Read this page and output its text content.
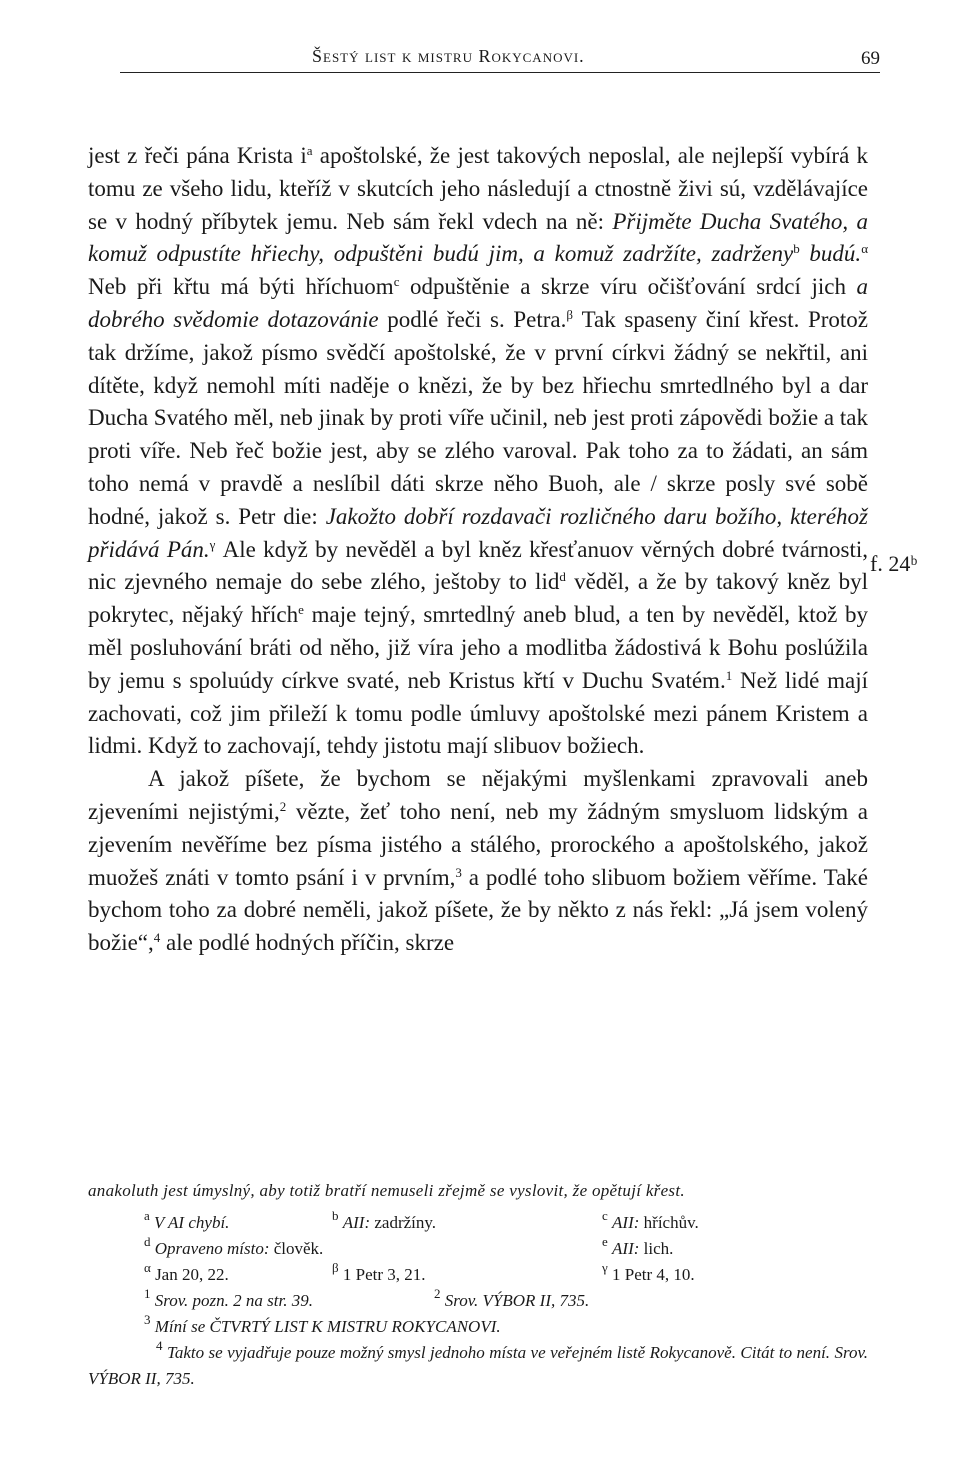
Šestý list k mistru Rokycanovi.	69
f. 24ᵇ

jest z řeči pána Krista $i^a$ apoštolské, že jest takových neposlal, ale nejlepší vybírá k tomu ze všeho lidu, kteříž v skutcích jeho následují a ctnostně živi sú, vzdělávajíce se v hodný příbytek jemu. Neb sám řekl vdech na ně: Přijměte Ducha Svatého, a komuž odpustíte hřiechy, odpuštěni budú jim, a komuž zadržíte, zadrženy$^b$ budú.$^\alpha$ Neb při křtu má býti hříchuom$^c$ odpuštěnie a skrze víru očišťování srdcí jich a dobrého svědomie dotazovánie podlé řeči s. Petra.$^\beta$ Tak spaseny činí křest. Protož tak držíme, jakož písmo svědčí apoštolské, že v první církvi žádný se nekřtil, ani dítěte, když nemohl míti naděje o knězi, že by bez hřiechu smrtedlného byl a dar Ducha Svatého měl, neb jinak by proti víře učinil, neb jest proti zápovědi božie a tak proti víře. Neb řeč božie jest, aby se zlého varoval. Pak toho za to žádati, an sám toho nemá v pravdě a neslíbil dáti skrze něho Buoh, ale / skrze posly své sobě hodné, jakož s. Petr die: Jakožto dobří rozdavači rozličného daru božího, kteréhož přidává Pán.$^\gamma$ Ale když by nevěděl a byl kněz křesťanuov věrných dobré tvárnosti, nic zjevného nemaje do sebe zlého, ještoby to lid$^d$ věděl, a že by takový kněz byl pokrytec, nějaký hřích$^e$ maje tejný, smrtedlný aneb blud, a ten by nevěděl, ktož by měl posluhování bráti od něho, již víra jeho a modlitba žádostivá k Bohu poslúžila by jemu s spoluúdy církve svaté, neb Kristus křtí v Duchu Svatém.$^1$ Než lidé mají zachovati, což jim přileží k tomu podle úmluvy apoštolské mezi pánem Kristem a lidmi. Když to zachovají, tehdy jistotu mají slibuov božiech.

A jakož píšete, že bychom se nějakými myšlenkami zpravovali aneb zjeveními nejistými,$^2$ vězte, žeť toho není, neb my žádným smysluom lidským a zjevením nevěříme bez písma jistého a stálého, prorockého a apoštolského, jakož muožeš znáti v tomto psání i v prvním,$^3$ a podlé toho slibuom božiem věříme. Také bychom toho za dobré neměli, jakož píšete, že by někto z nás řekl: „Já jsem volený božie“,$^4$ ale podlé hodných příčin, skrze

anakoluth jest úmyslný, aby totiž bratří nemuseli zřejmě se vyslovit, že opětují křest.
$^a$ V AI chybí.	$^b$ AII: zadržíny.	$^c$ AII: hříchův.
$^d$ Opraveno místo: člověk.	$^e$ AII: lich.
$^\alpha$ Jan 20, 22.	$^\beta$ 1 Petr 3, 21.	$^\gamma$ 1 Petr 4, 10.
$^1$ Srov. pozn. 2 na str. 39.	$^2$ Srov. VÝBOR II, 735.
$^3$ Míní se ČTVRTÝ LIST K MISTRU ROKYCANOVI.
$^4$ Takto se vyjadřuje pouze možný smysl jednoho místa ve veřejném listě Rokycanově. Citát to není. Srov. VÝBOR II, 735.
